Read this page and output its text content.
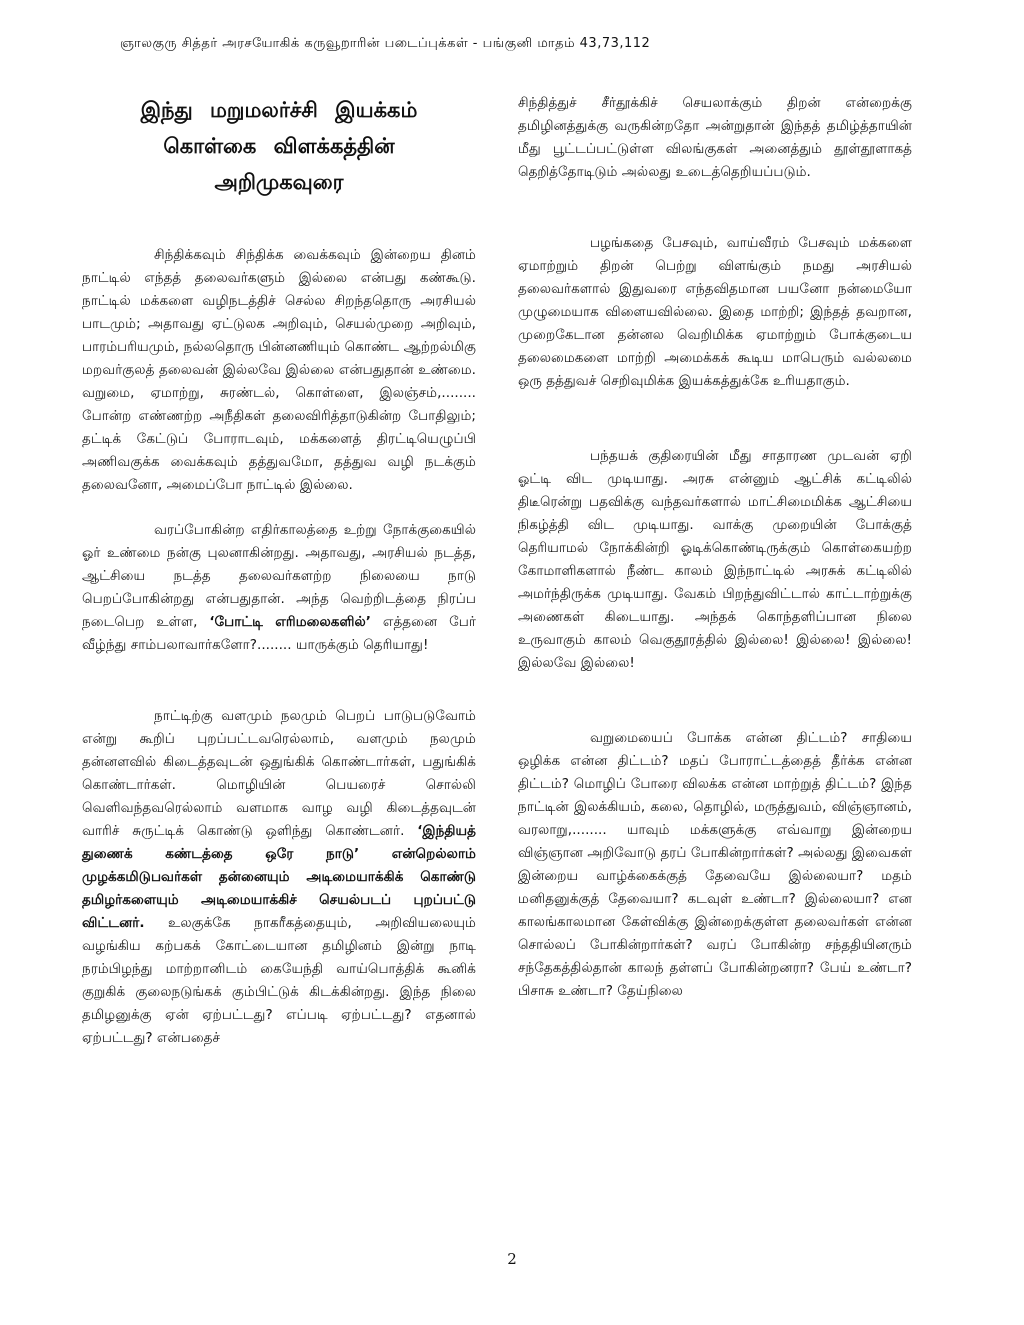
ஞாலகுரு சித்தர் அரசயோகிக் கருவூறாரின் படைப்புக்கள் - பங்குனி மாதம் 43,73,112
இந்து மறுமலர்ச்சி இயக்கம்
கொள்கை விளக்கத்தின்
அறிமுகவுரை

சிந்திக்கவும் சிந்திக்க வைக்கவும் இன்றைய தினம் நாட்டில் எந்தத் தலைவர்களும் இல்லை என்பது கண்கூடு. நாட்டில் மக்களை வழிநடத்திச் செல்ல சிறந்ததொரு அரசியல் பாடமும்; அதாவது ஏட்டுலக அறிவும், செயல்முறை அறிவும், பாரம்பரியமும், நல்லதொரு பின்னணியும் கொண்ட ஆற்றல்மிகு மறவர்குலத் தலைவன் இல்லவே இல்லை என்பதுதான் உண்மை. வறுமை, ஏமாற்று, சுரண்டல், கொள்ளை, இலஞ்சம்,........ போன்ற எண்ணற்ற அநீதிகள் தலைவிரித்தாடுகின்ற போதிலும்; தட்டிக் கேட்டுப் போராடவும், மக்களைத் திரட்டியெழுப்பி அணிவகுக்க வைக்கவும் தத்துவமோ, தத்துவ வழி நடக்கும் தலைவனோ, அமைப்போ நாட்டில் இல்லை.

வரப்போகின்ற எதிர்காலத்தை உற்று நோக்குகையில் ஓர் உண்மை நன்கு புலனாகின்றது. அதாவது, அரசியல் நடத்த, ஆட்சியை நடத்த தலைவர்களற்ற நிலையை நாடு பெறப்போகின்றது என்பதுதான். அந்த வெற்றிடத்தை நிரப்ப நடைபெற உள்ள, ‘போட்டி எரிமலைகளில்’ எத்தனை பேர் வீழ்ந்து சாம்பலாவார்களோ?........ யாருக்கும் தெரியாது!

நாட்டிற்கு வளமும் நலமும் பெறப் பாடுபடுவோம் என்று கூறிப் புறப்பட்டவரெல்லாம், வளமும் நலமும் தன்னளவில் கிடைத்தவுடன் ஒதுங்கிக் கொண்டார்கள், பதுங்கிக் கொண்டார்கள். மொழியின் பெயரைச் சொல்லி வெளிவந்தவரெல்லாம் வளமாக வாழ வழி கிடைத்தவுடன் வாரிச் சுருட்டிக் கொண்டு ஒளிந்து கொண்டனர். ‘இந்தியத் துணைக் கண்டத்தை ஒரே நாடு’ என்றெல்லாம் முழக்கமிடுபவர்கள் தன்னையும் அடிமையாக்கிக் கொண்டு தமிழர்களையும் அடிமையாக்கிச் செயல்படப் புறப்பட்டு விட்டனர். உலகுக்கே நாகரீகத்தையும், அறிவியலையும் வழங்கிய கற்பகக் கோட்டையான தமிழினம் இன்று நாடி நரம்பிழந்து மாற்றானிடம் கையேந்தி வாய்பொத்திக் கூனிக் குறுகிக் குலைநடுங்கக் கும்பிட்டுக் கிடக்கின்றது. இந்த நிலை தமிழனுக்கு ஏன் ஏற்பட்டது? எப்படி ஏற்பட்டது? எதனால் ஏற்பட்டது? என்பதைச்

சிந்தித்துச் சீர்தூக்கிச் செயலாக்கும் திறன் என்றைக்கு தமிழினத்துக்கு வருகின்றதோ அன்றுதான் இந்தத் தமிழ்த்தாயின் மீது பூட்டப்பட்டுள்ள விலங்குகள் அனைத்தும் தூள்தூளாகத் தெறித்தோடிடும் அல்லது உடைத்தெறியப்படும்.

பழங்கதை பேசவும், வாய்வீரம் பேசவும் மக்களை ஏமாற்றும் திறன் பெற்று விளங்கும் நமது அரசியல் தலைவர்களால் இதுவரை எந்தவிதமான பயனோ நன்மையோ முழுமையாக விளையவில்லை. இதை மாற்றி; இந்தத் தவறான, முறைகேடான தன்னல வெறிமிக்க ஏமாற்றும் போக்குடைய தலைமைகளை மாற்றி அமைக்கக் கூடிய மாபெரும் வல்லமை ஒரு தத்துவச் செறிவுமிக்க இயக்கத்துக்கே உரியதாகும்.

பந்தயக் குதிரையின் மீது சாதாரண முடவன் ஏறி ஓட்டி விட முடியாது. அரசு என்னும் ஆட்சிக் கட்டிலில் திடீரென்று பதவிக்கு வந்தவர்களால் மாட்சிமைமிக்க ஆட்சியை நிகழ்த்தி விட முடியாது. வாக்கு முறையின் போக்குத் தெரியாமல் நோக்கின்றி ஓடிக்கொண்டிருக்கும் கொள்கையற்ற கோமாளிகளால் நீண்ட காலம் இந்நாட்டில் அரசுக் கட்டிலில் அமர்ந்திருக்க முடியாது. வேகம் பிறந்துவிட்டால் காட்டாற்றுக்கு அணைகள் கிடையாது. அந்தக் கொந்தளிப்பான நிலை உருவாகும் காலம் வெகுதூரத்தில் இல்லை! இல்லை! இல்லை! இல்லவே இல்லை!

வறுமையைப் போக்க என்ன திட்டம்? சாதியை ஒழிக்க என்ன திட்டம்? மதப் போராட்டத்தைத் தீர்க்க என்ன திட்டம்? மொழிப் போரை விலக்க என்ன மாற்றுத் திட்டம்? இந்த நாட்டின் இலக்கியம், கலை, தொழில், மருத்துவம், விஞ்ஞானம், வரலாறு,........ யாவும் மக்களுக்கு எவ்வாறு இன்றைய விஞ்ஞான அறிவோடு தரப் போகின்றார்கள்? அல்லது இவைகள் இன்றைய வாழ்க்கைக்குத் தேவையே இல்லையா? மதம் மனிதனுக்குத் தேவையா? கடவுள் உண்டா? இல்லையா? என காலங்காலமான கேள்விக்கு இன்றைக்குள்ள தலைவர்கள் என்ன சொல்லப் போகின்றார்கள்? வரப் போகின்ற சந்ததியினரும் சந்தேகத்தில்தான் காலந் தள்ளப் போகின்றனரா? பேய் உண்டா? பிசாசு உண்டா? தேய்நிலை

2
